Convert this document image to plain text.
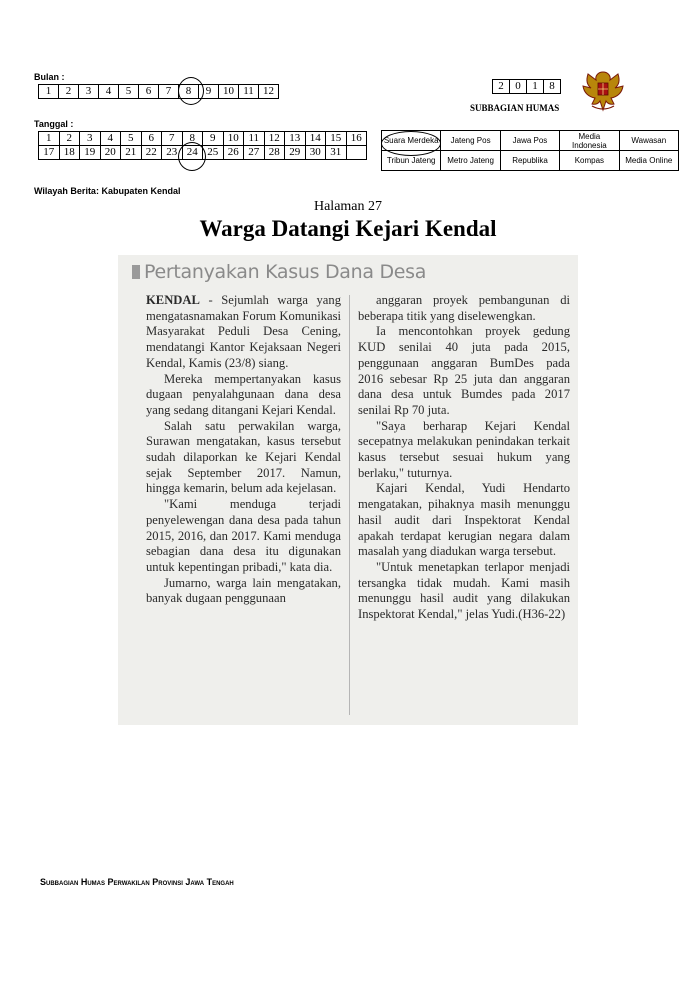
Bulan :
1	2	3	4	5	6	7	8	9	10	11	12
Tanggal :
1	2	3	4	5	6	7	8	9	10	11	12	13	14	15	16
17	18	19	20	21	22	23	24	25	26	27	28	29	30	31	
2	0	1	8
SUBBAGIAN HUMAS
Suara Merdeka	Jateng Pos	Jawa Pos	Media Indonesia	Wawasan
Tribun Jateng	Metro Jateng	Republika	Kompas	Media Online
Wilayah Berita: Kabupaten Kendal
Halaman 27
Warga Datangi Kejari Kendal
Pertanyakan Kasus Dana Desa

KENDAL - Sejumlah warga yang mengatasnamakan Forum Komunikasi Masyarakat Peduli Desa Cening, mendatangi Kantor Kejaksaan Negeri Kendal, Kamis (23/8) siang.

Mereka mempertanyakan kasus dugaan penyalahgunaan dana desa yang sedang ditangani Kejari Kendal.

Salah satu perwakilan warga, Surawan mengatakan, kasus tersebut sudah dilaporkan ke Kejari Kendal sejak September 2017. Namun, hingga kemarin, belum ada kejelasan.

"Kami menduga terjadi penyelewengan dana desa pada tahun 2015, 2016, dan 2017. Kami menduga sebagian dana desa itu digunakan untuk kepentingan pribadi," kata dia.

Jumarno, warga lain mengatakan, banyak dugaan penggunaan

anggaran proyek pembangunan di beberapa titik yang diselewengkan.

Ia mencontohkan proyek gedung KUD senilai 40 juta pada 2015, penggunaan anggaran BumDes pada 2016 sebesar Rp 25 juta dan anggaran dana desa untuk Bumdes pada 2017 senilai Rp 70 juta.

"Saya berharap Kejari Kendal secepatnya melakukan penindakan terkait kasus tersebut sesuai hukum yang berlaku," tuturnya.

Kajari Kendal, Yudi Hendarto mengatakan, pihaknya masih menunggu hasil audit dari Inspektorat Kendal apakah terdapat kerugian negara dalam masalah yang diadukan warga tersebut.

"Untuk menetapkan terlapor menjadi tersangka tidak mudah. Kami masih menunggu hasil audit yang dilakukan Inspektorat Kendal," jelas Yudi.(H36-22)

Subbagian Humas Perwakilan Provinsi Jawa Tengah
